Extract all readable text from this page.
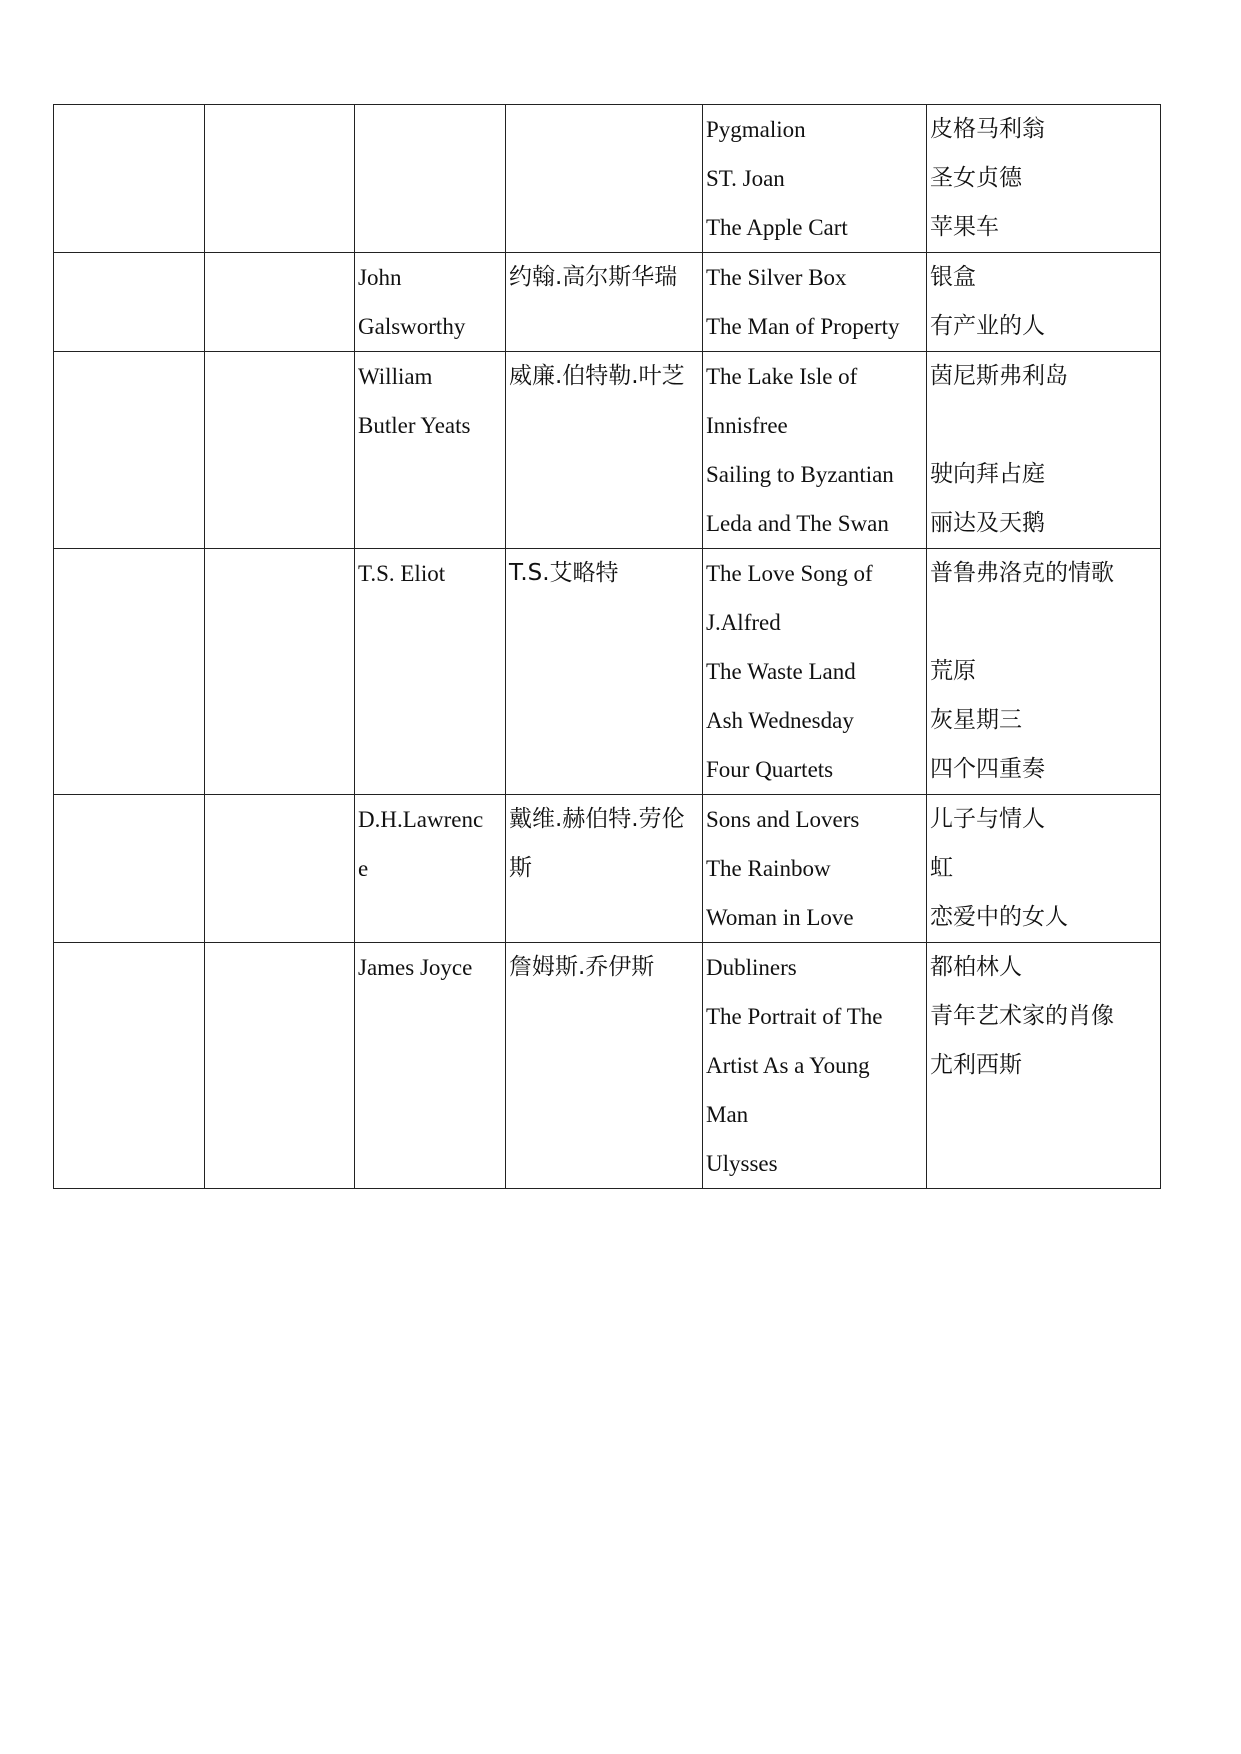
				Pygmalion
ST. Joan
The Apple Cart	皮格马利翁
圣女贞德
苹果车

		John
Galsworthy	约翰.高尔斯华瑞	The Silver Box
The Man of Property	银盒
有产业的人

		William
Butler Yeats	威廉.伯特勒.叶芝	The Lake Isle of
Innisfree
Sailing to Byzantian
Leda and The Swan	茵尼斯弗利岛
驶向拜占庭
丽达及天鹅

		T.S. Eliot	T.S.艾略特	The Love Song of
J.Alfred
The Waste Land
Ash Wednesday
Four Quartets	普鲁弗洛克的情歌
荒原
灰星期三
四个四重奏

		D.H.Lawrenc
e	戴维.赫伯特.劳伦
斯	Sons and Lovers
The Rainbow
Woman in Love	儿子与情人
虹
恋爱中的女人

		James Joyce	詹姆斯.乔伊斯	Dubliners
The Portrait of The
Artist As a Young
Man
Ulysses	都柏林人
青年艺术家的肖像
尤利西斯
